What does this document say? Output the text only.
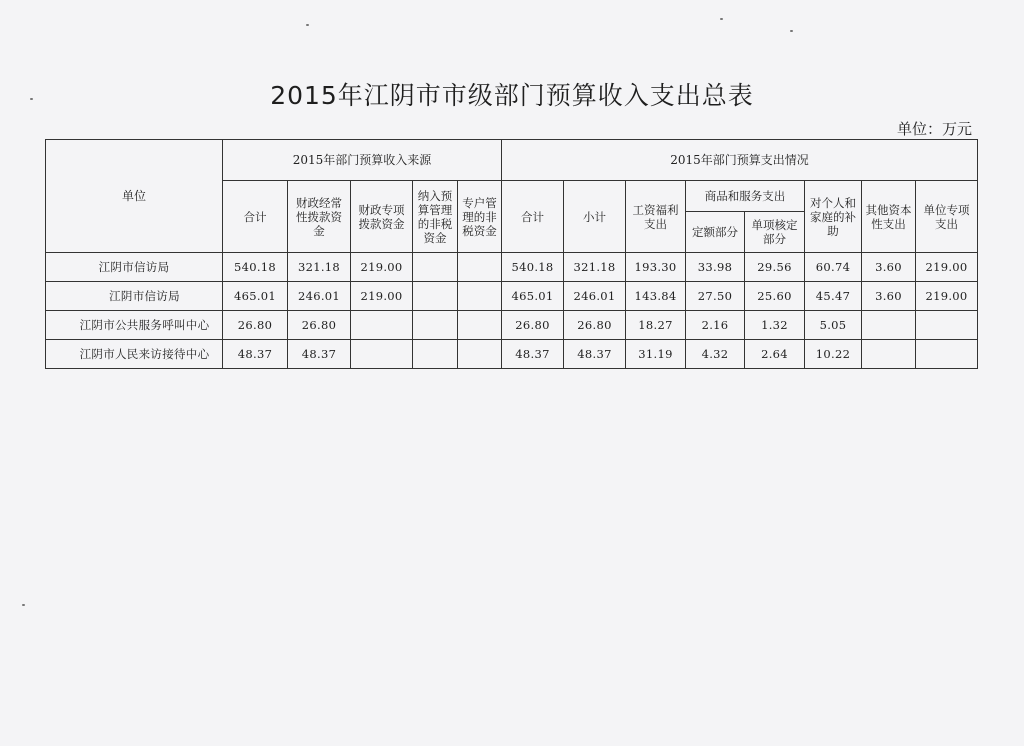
2015年江阴市市级部门预算收入支出总表
单位：万元
单位	2015年部门预算收入来源					2015年部门预算支出情况							
	合计	财政经常性拨款资金	财政专项拨款资金	纳入预算管理的非税资金	专户管理的非税资金	合计	小计	工资福利支出	商品和服务支出		对个人和家庭的补助	其他资本性支出	单位专项支出
									定额部分	单项核定部分			
江阴市信访局	540.18	321.18	219.00			540.18	321.18	193.30	33.98	29.56	60.74	3.60	219.00
江阴市信访局	465.01	246.01	219.00			465.01	246.01	143.84	27.50	25.60	45.47	3.60	219.00
江阴市公共服务呼叫中心	26.80	26.80				26.80	26.80	18.27	2.16	1.32	5.05		
江阴市人民来访接待中心	48.37	48.37				48.37	48.37	31.19	4.32	2.64	10.22		
